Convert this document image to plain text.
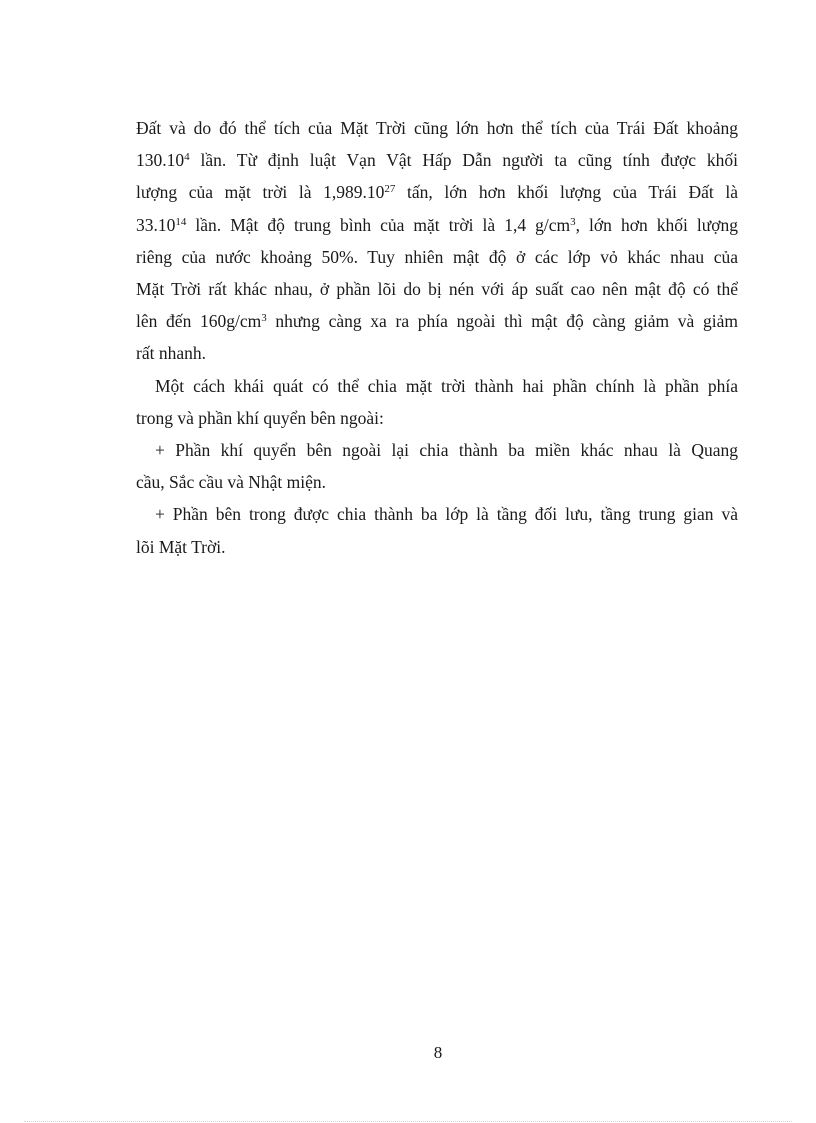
Đất và do đó thể tích của Mặt Trời cũng lớn hơn thể tích của Trái Đất khoảng

130.10$^4$ lần. Từ định luật Vạn Vật Hấp Dẫn người ta cũng tính được khối

lượng của mặt trời là 1,989.10$^{27}$ tấn, lớn hơn khối lượng của Trái Đất là

33.10$^{14}$ lần. Mật độ trung bình của mặt trời là 1,4 $g/cm^3$, lớn hơn khối lượng

riêng của nước khoảng 50%. Tuy nhiên mật độ ở các lớp vỏ khác nhau của

Mặt Trời rất khác nhau, ở phần lõi do bị nén với áp suất cao nên mật độ có thể

lên đến $160g/cm^3$ nhưng càng xa ra phía ngoài thì mật độ càng giảm và giảm

rất nhanh.

Một cách khái quát có thể chia mặt trời thành hai phần chính là phần phía

trong và phần khí quyển bên ngoài:

+ Phần khí quyển bên ngoài lại chia thành ba miền khác nhau là Quang

cầu, Sắc cầu và Nhật miện.

+ Phần bên trong được chia thành ba lớp là tầng đối lưu, tầng trung gian và

lõi Mặt Trời.

8
